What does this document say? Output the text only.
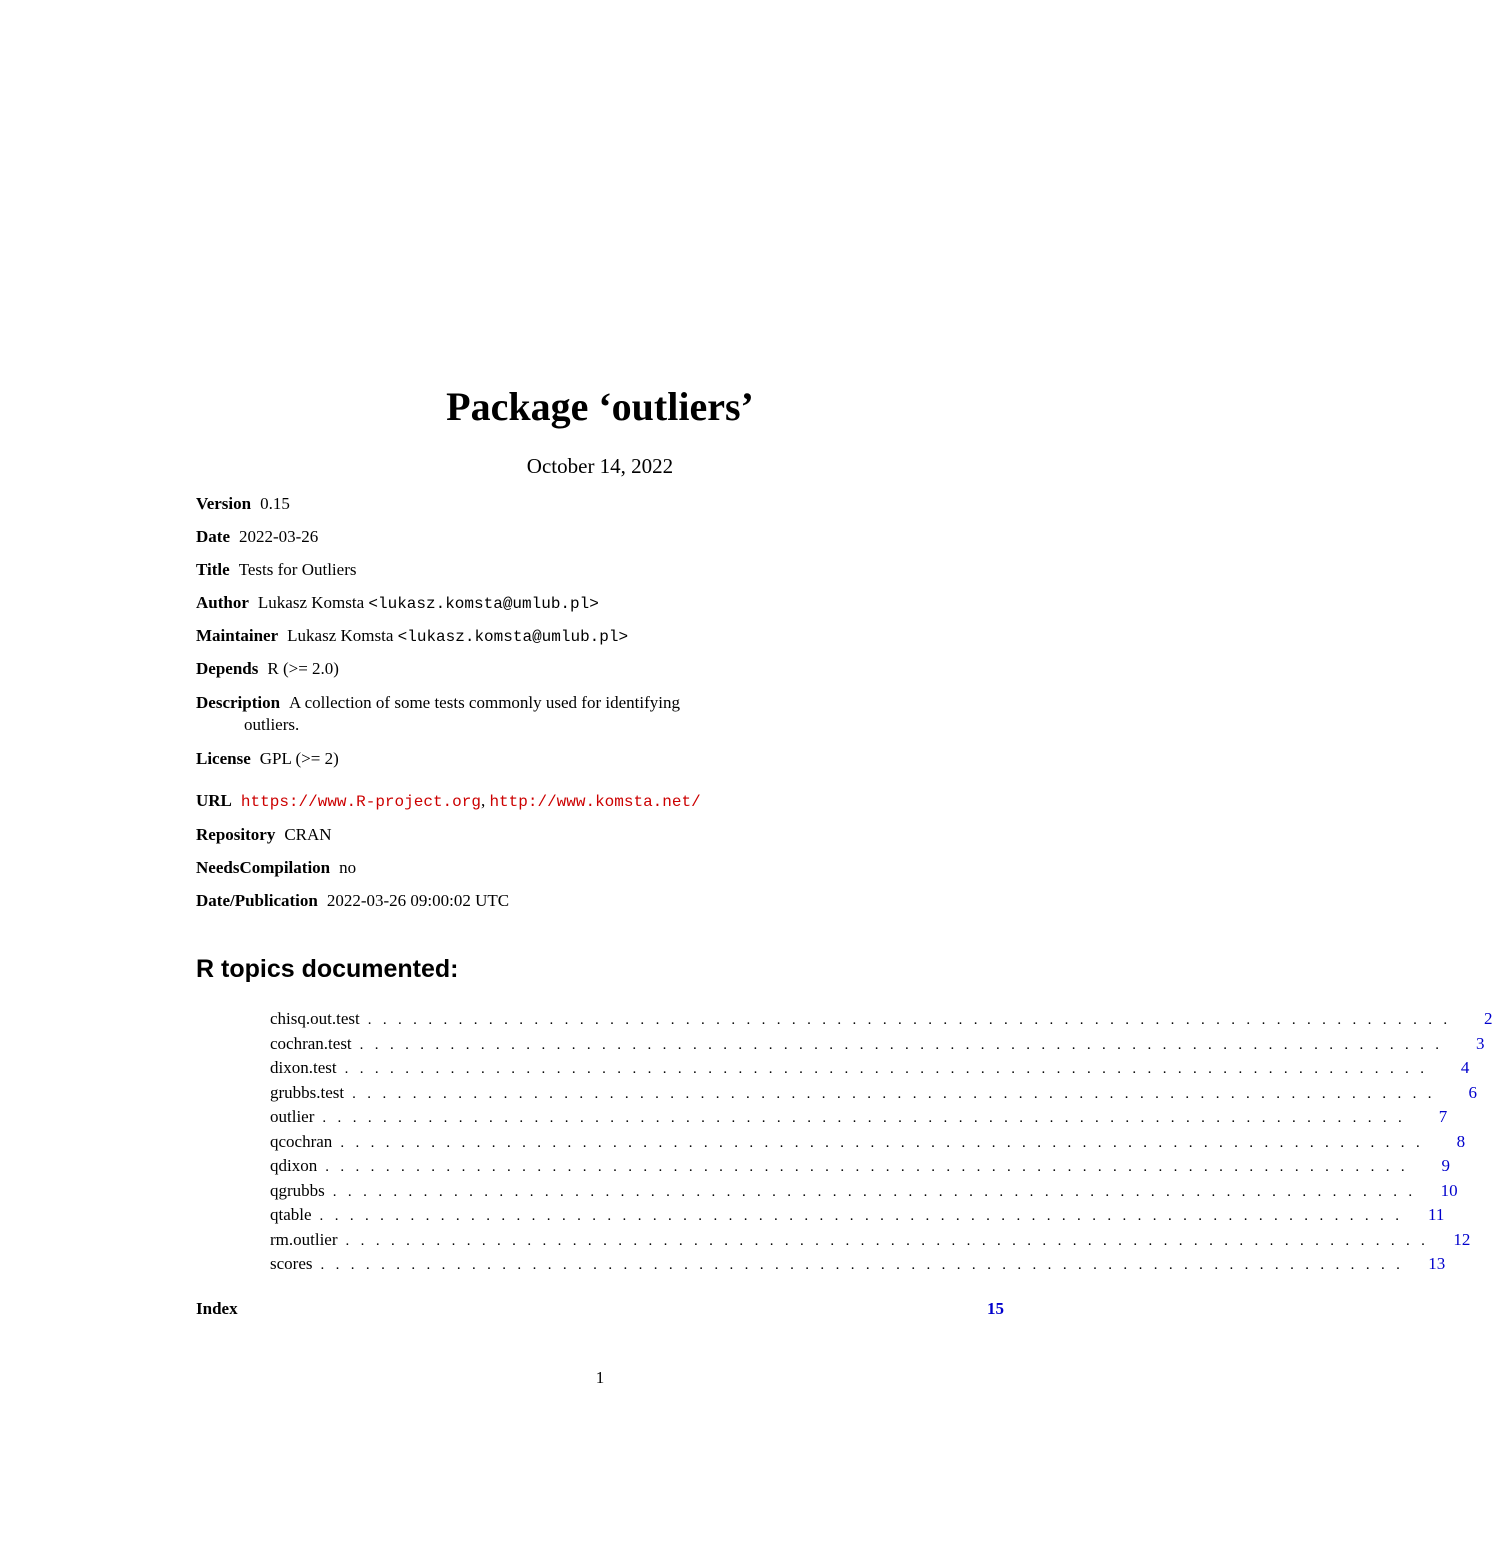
Package ‘outliers’
October 14, 2022
Version 0.15
Date 2022-03-26
Title Tests for Outliers
Author Lukasz Komsta <lukasz.komsta@umlub.pl>
Maintainer Lukasz Komsta <lukasz.komsta@umlub.pl>
Depends R (>= 2.0)
Description A collection of some tests commonly used for identifying
outliers.
License GPL (>= 2)
URL https://www.R-project.org, http://www.komsta.net/
Repository CRAN
NeedsCompilation no
Date/Publication 2022-03-26 09:00:02 UTC
R topics documented:
chisq.out.test ........................................................................	2
cochran.test ........................................................................	3
dixon.test ........................................................................	4
grubbs.test ........................................................................	6
outlier ........................................................................	7
qcochran ........................................................................	8
qdixon ........................................................................	9
qgrubbs ........................................................................	10
qtable ........................................................................	11
rm.outlier ........................................................................	12
scores ........................................................................	13
Index	15
1
